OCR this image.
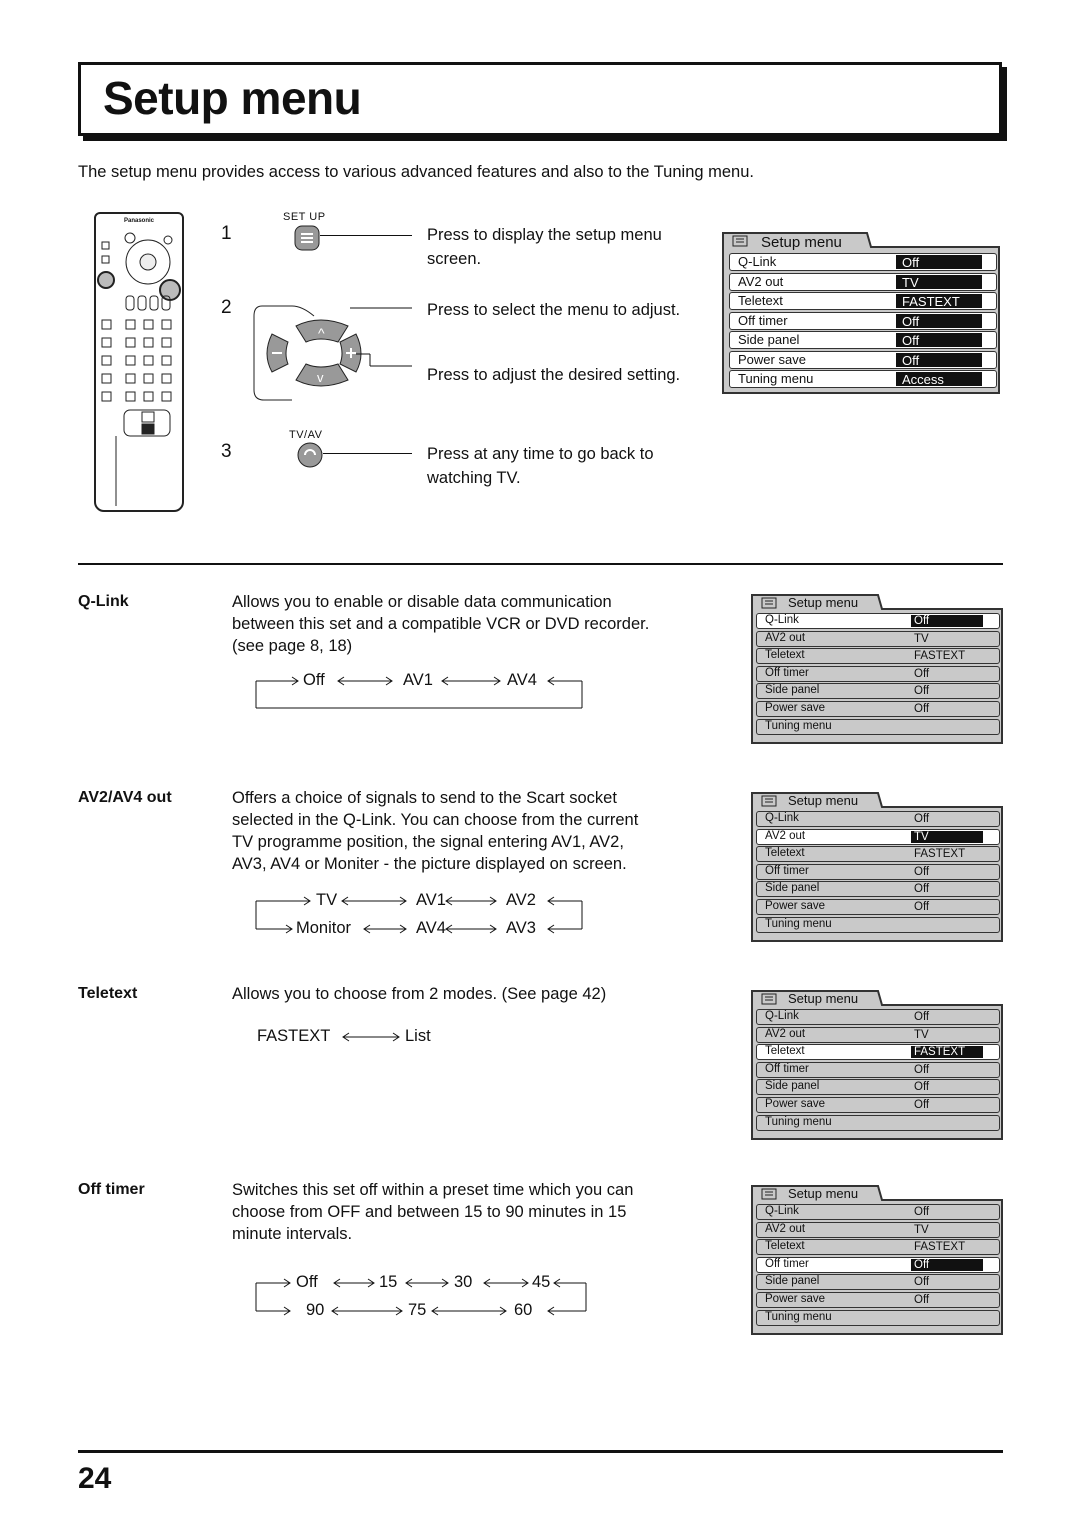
Setup menu
The setup menu provides access to various advanced features and also to the Tuning menu.
Panasonic
1
SET UP
Press to display the setup menu
screen.
2
^
v
Press to select the menu to adjust.
Press to adjust the desired setting.
3
TV/AV
Press at any time to go back to
watching TV.
Setup menu
Q-Link	Off
AV2 out	TV
Teletext	FASTEXT
Off timer	Off
Side panel	Off
Power save	Off
Tuning menu	Access
Q-Link	Allows you to enable or disable data communication
between this set and a compatible VCR or DVD recorder.
(see page 8, 18)
Off	AV1	AV4
AV2/AV4 out	Offers a choice of signals to send to the Scart socket
selected in the Q-Link. You can choose from the current
TV programme position, the signal entering AV1, AV2,
AV3, AV4 or Moniter - the picture displayed on screen.
TV	AV1	AV2
Monitor	AV4	AV3
Teletext	Allows you to choose from 2 modes. (See page 42)
FASTEXT	List
Off timer	Switches this set off within a preset time which you can
choose from OFF and between 15 to 90 minutes in 15
minute intervals.
Off	15	30	45
90	75	60
Setup menu
Q-Link	Off
AV2 out	TV
Teletext	FASTEXT
Off timer	Off
Side panel	Off
Power save	Off
Tuning menu
Setup menu
Q-Link	Off
AV2 out	TV
Teletext	FASTEXT
Off timer	Off
Side panel	Off
Power save	Off
Tuning menu
Setup menu
Q-Link	Off
AV2 out	TV
Teletext	FASTEXT
Off timer	Off
Side panel	Off
Power save	Off
Tuning menu
Setup menu
Q-Link	Off
AV2 out	TV
Teletext	FASTEXT
Off timer	Off
Side panel	Off
Power save	Off
Tuning menu
24
